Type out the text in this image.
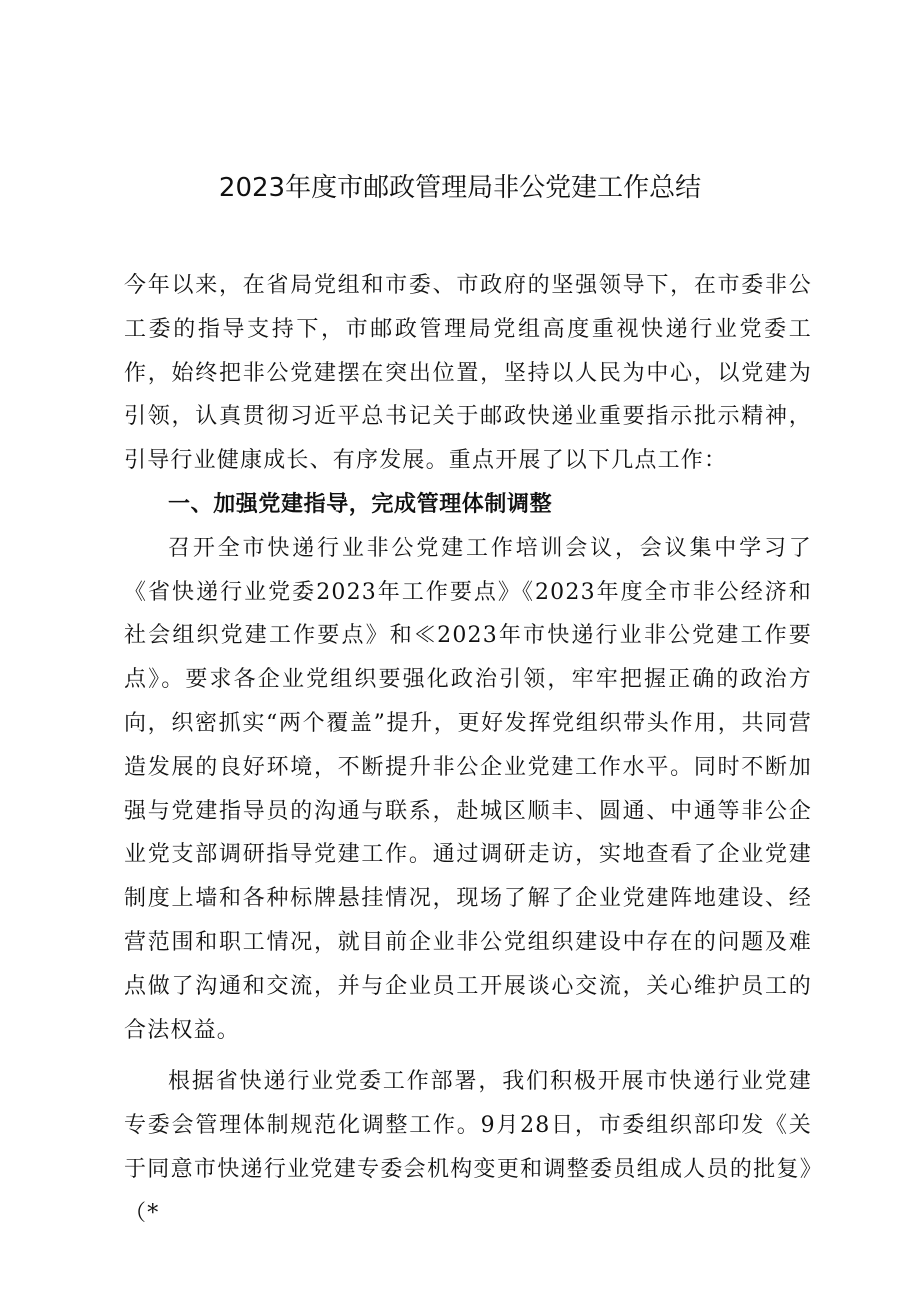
2023年度市邮政管理局非公党建工作总结

今年以来，在省局党组和市委、市政府的坚强领导下，在市委非公工委的指导支持下，市邮政管理局党组高度重视快递行业党委工作，始终把非公党建摆在突出位置，坚持以人民为中心，以党建为引领，认真贯彻习近平总书记关于邮政快递业重要指示批示精神，引导行业健康成长、有序发展。重点开展了以下几点工作：

一、加强党建指导，完成管理体制调整

召开全市快递行业非公党建工作培训会议，会议集中学习了《省快递行业党委2023年工作要点》《2023年度全市非公经济和社会组织党建工作要点》和≪2023年市快递行业非公党建工作要点》。要求各企业党组织要强化政治引领，牢牢把握正确的政治方向，织密抓实“两个覆盖”提升，更好发挥党组织带头作用，共同营造发展的良好环境，不断提升非公企业党建工作水平。同时不断加强与党建指导员的沟通与联系，赴城区顺丰、圆通、中通等非公企业党支部调研指导党建工作。通过调研走访，实地查看了企业党建制度上墙和各种标牌悬挂情况，现场了解了企业党建阵地建设、经营范围和职工情况，就目前企业非公党组织建设中存在的问题及难点做了沟通和交流，并与企业员工开展谈心交流，关心维护员工的合法权益。

根据省快递行业党委工作部署，我们积极开展市快递行业党建专委会管理体制规范化调整工作。9月28日，市委组织部印发《关于同意市快递行业党建专委会机构变更和调整委员组成人员的批复》（*
